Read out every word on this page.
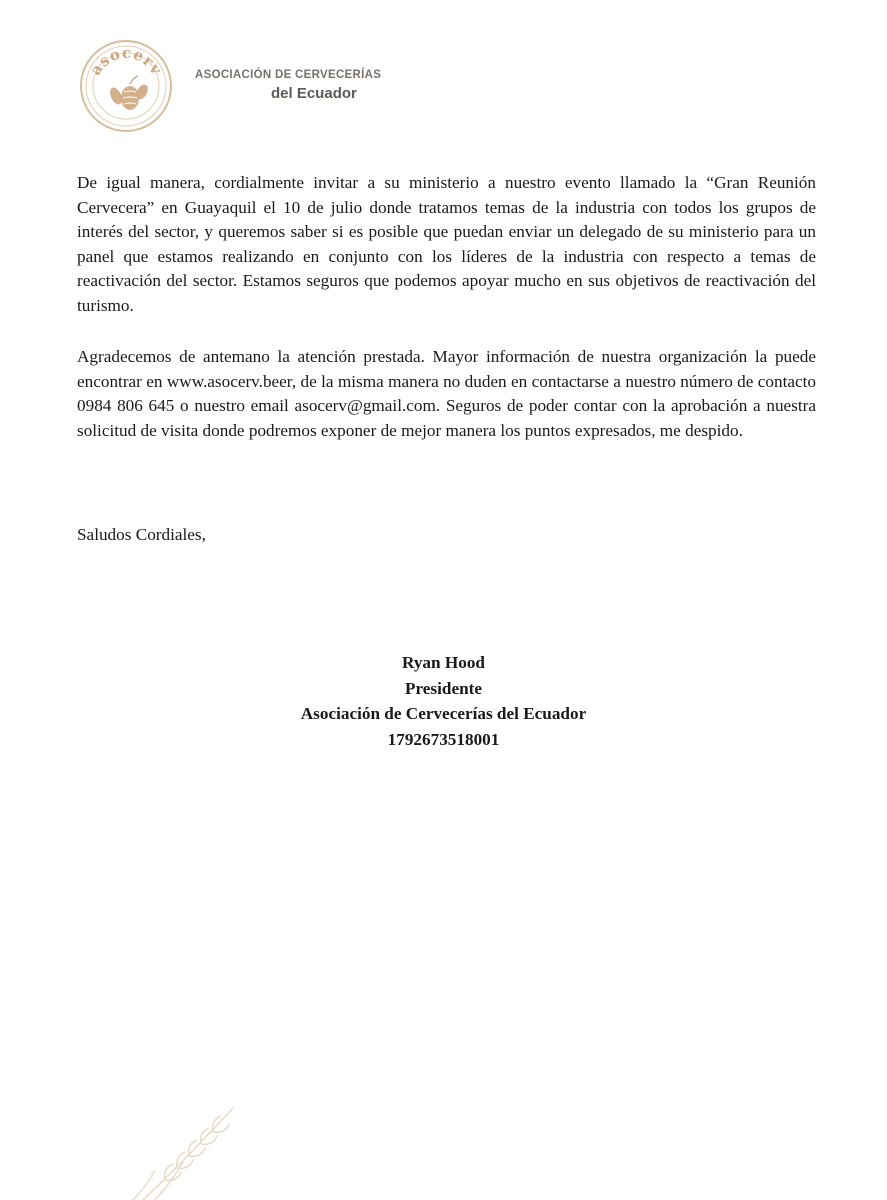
asocerv	ASOCIACIÓN DE CERVECERÍAS
del Ecuador

De igual manera, cordialmente invitar a su ministerio a nuestro evento llamado la “Gran Reunión Cervecera” en Guayaquil el 10 de julio donde tratamos temas de la industria con todos los grupos de interés del sector, y queremos saber si es posible que puedan enviar un delegado de su ministerio para un panel que estamos realizando en conjunto con los líderes de la industria con respecto a temas de reactivación del sector. Estamos seguros que podemos apoyar mucho en sus objetivos de reactivación del turismo.

Agradecemos de antemano la atención prestada. Mayor información de nuestra organización la puede encontrar en www.asocerv.beer, de la misma manera no duden en contactarse a nuestro número de contacto 0984 806 645 o nuestro email asocerv@gmail.com. Seguros de poder contar con la aprobación a nuestra solicitud de visita donde podremos exponer de mejor manera los puntos expresados, me despido.

Saludos Cordiales,

Ryan Hood
Presidente
Asociación de Cervecerías del Ecuador
1792673518001
